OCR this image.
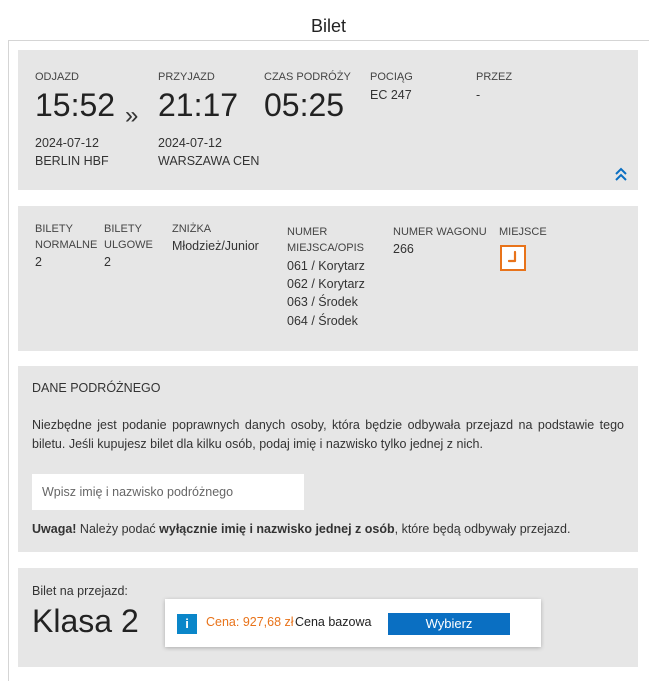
Bilet
ODJAZD
15:52 »
2024-07-12
BERLIN HBF
PRZYJAZD
21:17
2024-07-12
WARSZAWA CEN
CZAS PODRÓŻY
05:25
POCIĄG
EC 247
PRZEZ
-
BILETY
NORMALNE
2
BILETY
ULGOWE
2
ZNIŻKA
Młodzież/Junior
NUMER
MIEJSCA/OPIS
061 / Korytarz
062 / Korytarz
063 / Środek
064 / Środek
NUMER WAGONU
266
MIEJSCE
DANE PODRÓŻNEGO
Niezbędne jest podanie poprawnych danych osoby, która będzie odbywała przejazd na podstawie tego biletu. Jeśli kupujesz bilet dla kilku osób, podaj imię i nazwisko tylko jednej z nich.
Wpisz imię i nazwisko podróżnego
Uwaga! Należy podać wyłącznie imię i nazwisko jednej z osób, które będą odbywały przejazd.
Bilet na przejazd:
Klasa 2	i	Cena: 927,68 zł Cena bazowa	Wybierz
